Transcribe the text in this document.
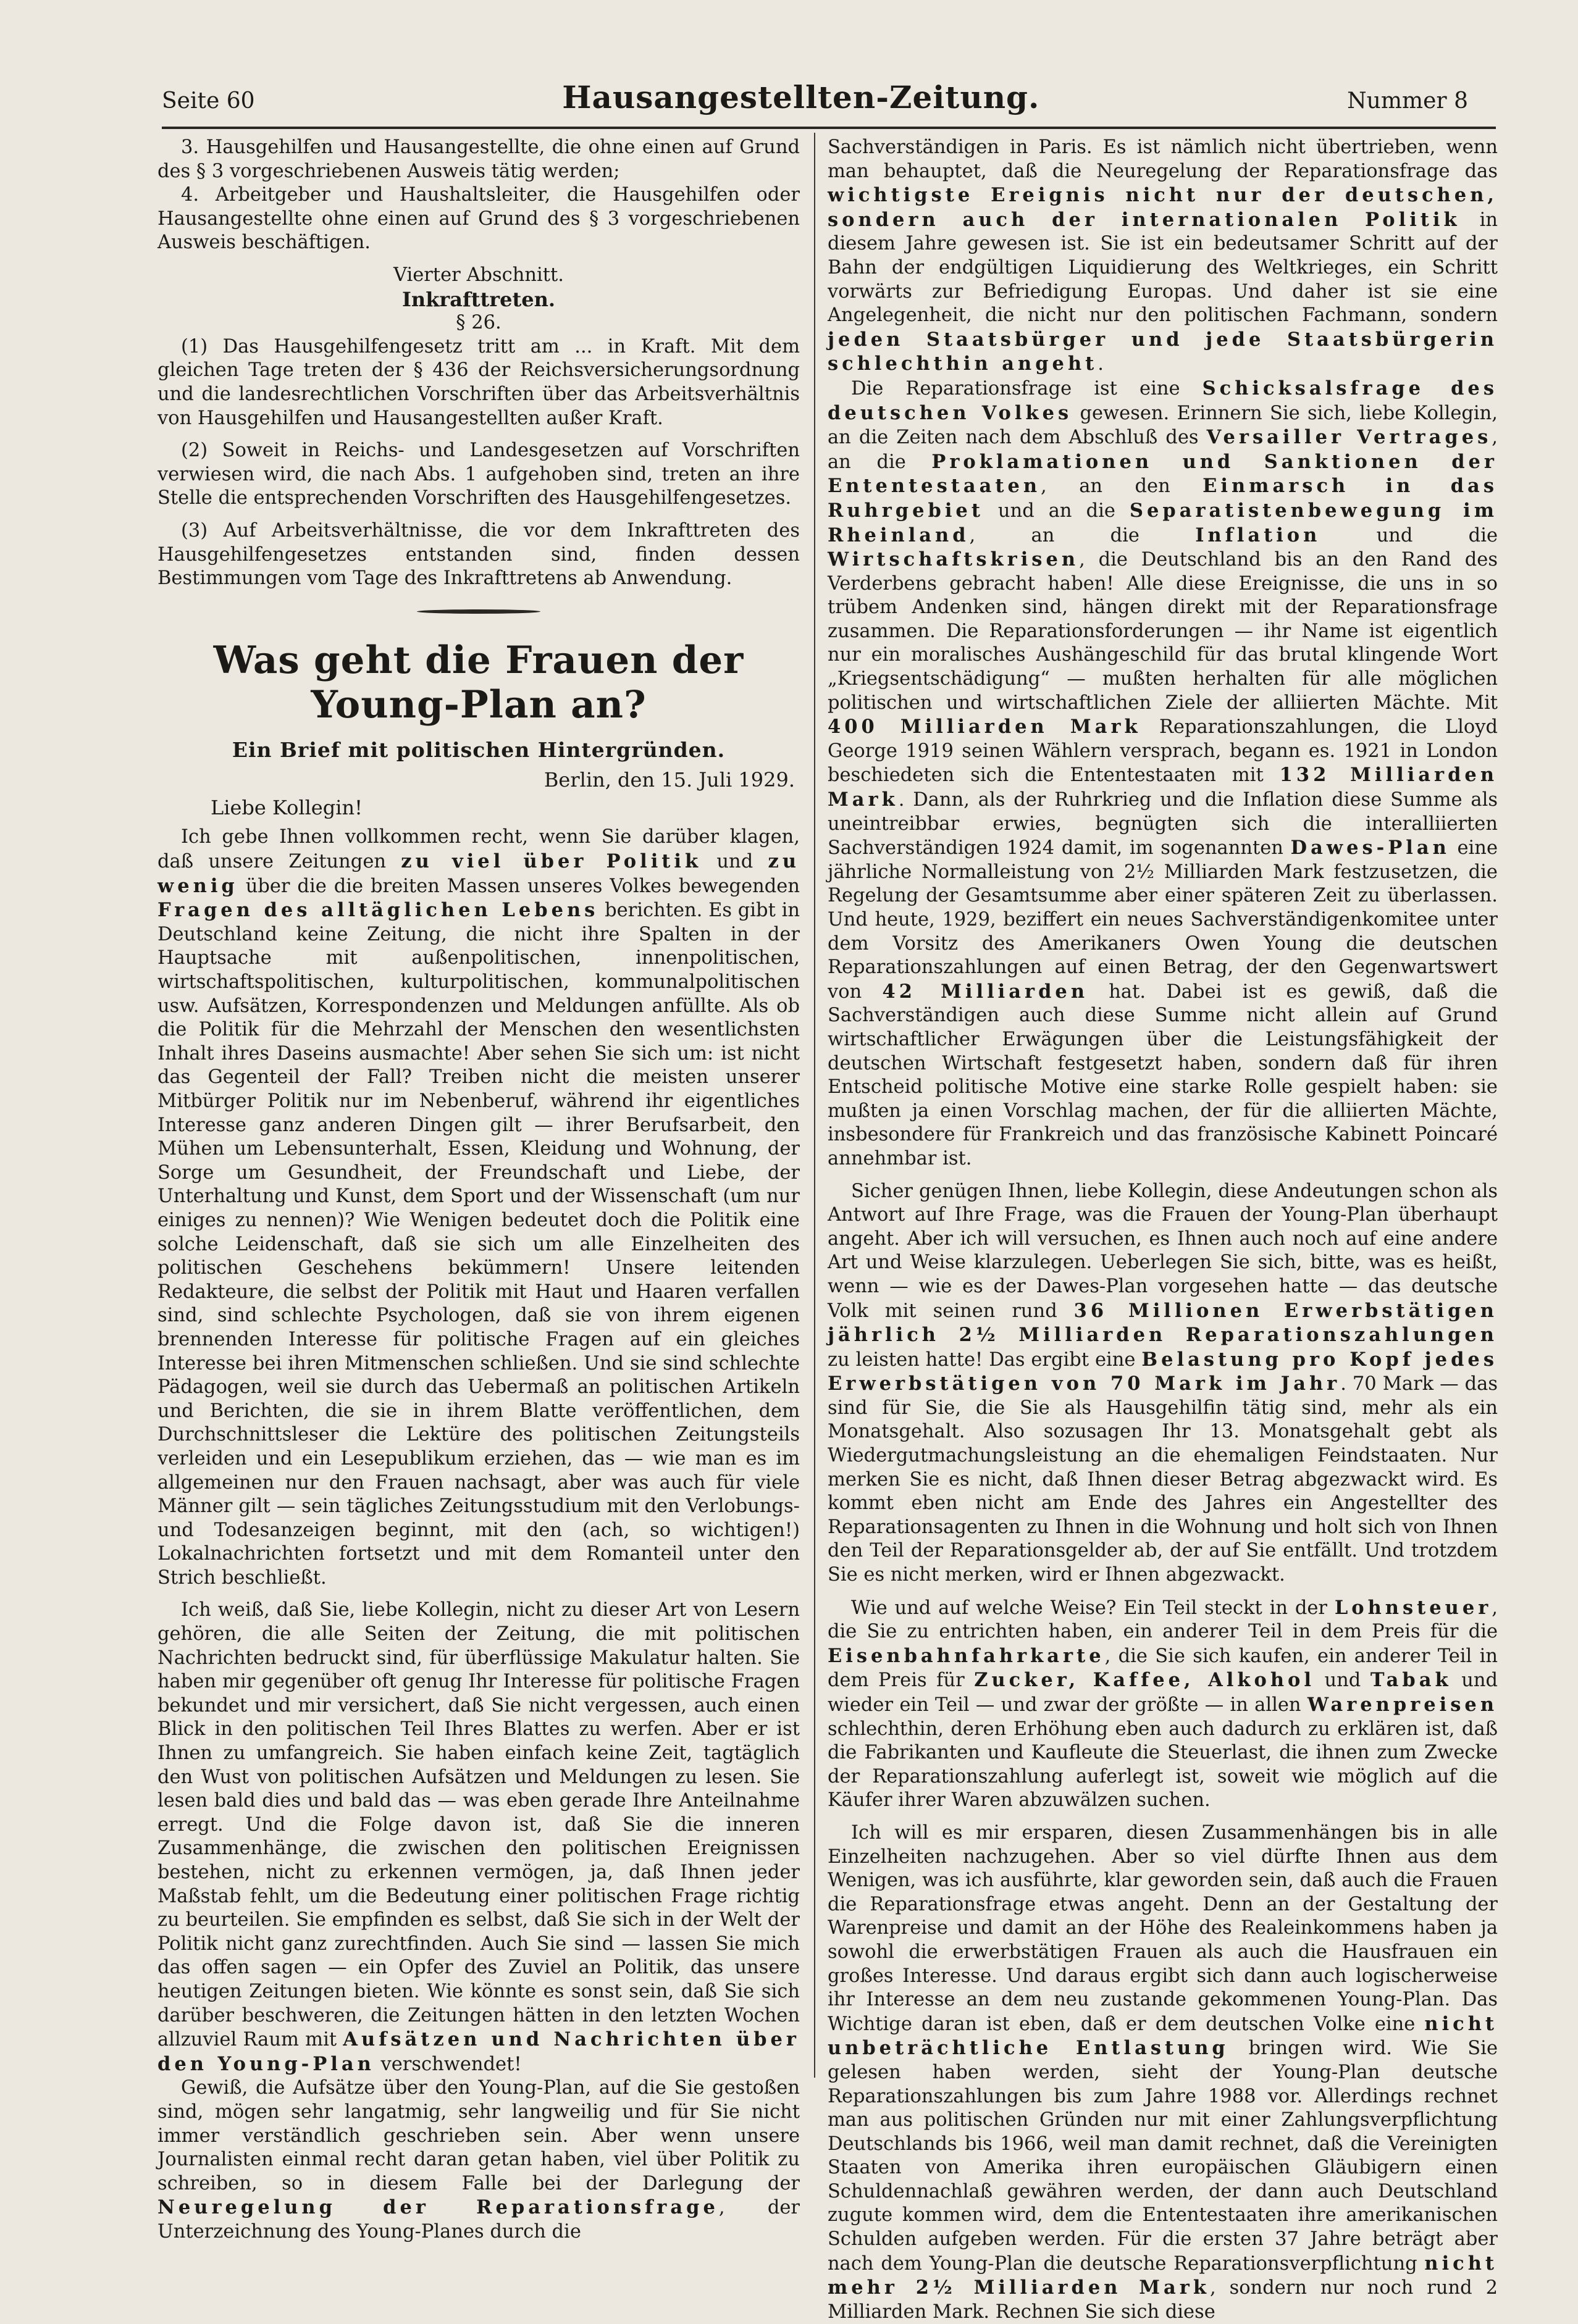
Seite 60	Hausangestellten-Zeitung.	Nummer 8

3. Hausgehilfen und Hausangestellte, die ohne einen auf Grund des § 3 vorgeschriebenen Ausweis tätig werden;

4. Arbeitgeber und Haushaltsleiter, die Hausgehilfen oder Hausangestellte ohne einen auf Grund des § 3 vorgeschriebenen Ausweis beschäftigen.

Vierter Abschnitt.

Inkrafttreten.

§ 26.

(1) Das Hausgehilfengesetz tritt am ... in Kraft. Mit dem gleichen Tage treten der § 436 der Reichsversicherungsordnung und die landesrechtlichen Vorschriften über das Arbeitsverhältnis von Hausgehilfen und Hausangestellten außer Kraft.

(2) Soweit in Reichs- und Landesgesetzen auf Vorschriften verwiesen wird, die nach Abs. 1 aufgehoben sind, treten an ihre Stelle die entsprechenden Vorschriften des Hausgehilfengesetzes.

(3) Auf Arbeitsverhältnisse, die vor dem Inkrafttreten des Hausgehilfengesetzes entstanden sind, finden dessen Bestimmungen vom Tage des Inkrafttretens ab Anwendung.

Was geht die Frauen der Young-Plan an?
Ein Brief mit politischen Hintergründen.
Berlin, den 15. Juli 1929.
Liebe Kollegin!

Ich gebe Ihnen vollkommen recht, wenn Sie darüber klagen, daß unsere Zeitungen zu viel über Politik und zu wenig über die die breiten Massen unseres Volkes bewegenden Fragen des alltäglichen Lebens berichten. Es gibt in Deutschland keine Zeitung, die nicht ihre Spalten in der Hauptsache mit außenpolitischen, innenpolitischen, wirtschaftspolitischen, kulturpolitischen, kommunalpolitischen usw. Aufsätzen, Korrespondenzen und Meldungen anfüllte. Als ob die Politik für die Mehrzahl der Menschen den wesentlichsten Inhalt ihres Daseins ausmachte! Aber sehen Sie sich um: ist nicht das Gegenteil der Fall? Treiben nicht die meisten unserer Mitbürger Politik nur im Nebenberuf, während ihr eigentliches Interesse ganz anderen Dingen gilt — ihrer Berufsarbeit, den Mühen um Lebensunterhalt, Essen, Kleidung und Wohnung, der Sorge um Gesundheit, der Freundschaft und Liebe, der Unterhaltung und Kunst, dem Sport und der Wissenschaft (um nur einiges zu nennen)? Wie Wenigen bedeutet doch die Politik eine solche Leidenschaft, daß sie sich um alle Einzelheiten des politischen Geschehens bekümmern! Unsere leitenden Redakteure, die selbst der Politik mit Haut und Haaren verfallen sind, sind schlechte Psychologen, daß sie von ihrem eigenen brennenden Interesse für politische Fragen auf ein gleiches Interesse bei ihren Mitmenschen schließen. Und sie sind schlechte Pädagogen, weil sie durch das Uebermaß an politischen Artikeln und Berichten, die sie in ihrem Blatte veröffentlichen, dem Durchschnittsleser die Lektüre des politischen Zeitungsteils verleiden und ein Lesepublikum erziehen, das — wie man es im allgemeinen nur den Frauen nachsagt, aber was auch für viele Männer gilt — sein tägliches Zeitungsstudium mit den Verlobungs- und Todesanzeigen beginnt, mit den (ach, so wichtigen!) Lokalnachrichten fortsetzt und mit dem Romanteil unter den Strich beschließt.

Ich weiß, daß Sie, liebe Kollegin, nicht zu dieser Art von Lesern gehören, die alle Seiten der Zeitung, die mit politischen Nachrichten bedruckt sind, für überflüssige Makulatur halten. Sie haben mir gegenüber oft genug Ihr Interesse für politische Fragen bekundet und mir versichert, daß Sie nicht vergessen, auch einen Blick in den politischen Teil Ihres Blattes zu werfen. Aber er ist Ihnen zu umfangreich. Sie haben einfach keine Zeit, tagtäglich den Wust von politischen Aufsätzen und Meldungen zu lesen. Sie lesen bald dies und bald das — was eben gerade Ihre Anteilnahme erregt. Und die Folge davon ist, daß Sie die inneren Zusammenhänge, die zwischen den politischen Ereignissen bestehen, nicht zu erkennen vermögen, ja, daß Ihnen jeder Maßstab fehlt, um die Bedeutung einer politischen Frage richtig zu beurteilen. Sie empfinden es selbst, daß Sie sich in der Welt der Politik nicht ganz zurechtfinden. Auch Sie sind — lassen Sie mich das offen sagen — ein Opfer des Zuviel an Politik, das unsere heutigen Zeitungen bieten. Wie könnte es sonst sein, daß Sie sich darüber beschweren, die Zeitungen hätten in den letzten Wochen allzuviel Raum mit Aufsätzen und Nachrichten über den Young-Plan verschwendet!

Gewiß, die Aufsätze über den Young-Plan, auf die Sie gestoßen sind, mögen sehr langatmig, sehr langweilig und für Sie nicht immer verständlich geschrieben sein. Aber wenn unsere Journalisten einmal recht daran getan haben, viel über Politik zu schreiben, so in diesem Falle bei der Darlegung der Neuregelung der Reparationsfrage, der Unterzeichnung des Young-Planes durch die

Sachverständigen in Paris. Es ist nämlich nicht übertrieben, wenn man behauptet, daß die Neuregelung der Reparationsfrage das wichtigste Ereignis nicht nur der deutschen, sondern auch der internationalen Politik in diesem Jahre gewesen ist. Sie ist ein bedeutsamer Schritt auf der Bahn der endgültigen Liquidierung des Weltkrieges, ein Schritt vorwärts zur Befriedigung Europas. Und daher ist sie eine Angelegenheit, die nicht nur den politischen Fachmann, sondern jeden Staatsbürger und jede Staatsbürgerin schlechthin angeht.

Die Reparationsfrage ist eine Schicksalsfrage des deutschen Volkes gewesen. Erinnern Sie sich, liebe Kollegin, an die Zeiten nach dem Abschluß des Versailler Vertrages, an die Proklamationen und Sanktionen der Ententestaaten, an den Einmarsch in das Ruhrgebiet und an die Separatistenbewegung im Rheinland, an die Inflation und die Wirtschaftskrisen, die Deutschland bis an den Rand des Verderbens gebracht haben! Alle diese Ereignisse, die uns in so trübem Andenken sind, hängen direkt mit der Reparationsfrage zusammen. Die Reparationsforderungen — ihr Name ist eigentlich nur ein moralisches Aushängeschild für das brutal klingende Wort „Kriegsentschädigung“ — mußten herhalten für alle möglichen politischen und wirtschaftlichen Ziele der alliierten Mächte. Mit 400 Milliarden Mark Reparationszahlungen, die Lloyd George 1919 seinen Wählern versprach, begann es. 1921 in London beschiedeten sich die Ententestaaten mit 132 Milliarden Mark. Dann, als der Ruhrkrieg und die Inflation diese Summe als uneintreibbar erwies, begnügten sich die interalliierten Sachverständigen 1924 damit, im sogenannten Dawes-Plan eine jährliche Normalleistung von 2½ Milliarden Mark festzusetzen, die Regelung der Gesamtsumme aber einer späteren Zeit zu überlassen. Und heute, 1929, beziffert ein neues Sachverständigenkomitee unter dem Vorsitz des Amerikaners Owen Young die deutschen Reparationszahlungen auf einen Betrag, der den Gegenwartswert von 42 Milliarden hat. Dabei ist es gewiß, daß die Sachverständigen auch diese Summe nicht allein auf Grund wirtschaftlicher Erwägungen über die Leistungsfähigkeit der deutschen Wirtschaft festgesetzt haben, sondern daß für ihren Entscheid politische Motive eine starke Rolle gespielt haben: sie mußten ja einen Vorschlag machen, der für die alliierten Mächte, insbesondere für Frankreich und das französische Kabinett Poincaré annehmbar ist.

Sicher genügen Ihnen, liebe Kollegin, diese Andeutungen schon als Antwort auf Ihre Frage, was die Frauen der Young-Plan überhaupt angeht. Aber ich will versuchen, es Ihnen auch noch auf eine andere Art und Weise klarzulegen. Ueberlegen Sie sich, bitte, was es heißt, wenn — wie es der Dawes-Plan vorgesehen hatte — das deutsche Volk mit seinen rund 36 Millionen Erwerbstätigen jährlich 2½ Milliarden Reparationszahlungen zu leisten hatte! Das ergibt eine Belastung pro Kopf jedes Erwerbstätigen von 70 Mark im Jahr. 70 Mark — das sind für Sie, die Sie als Hausgehilfin tätig sind, mehr als ein Monatsgehalt. Also sozusagen Ihr 13. Monatsgehalt gebt als Wiedergutmachungsleistung an die ehemaligen Feindstaaten. Nur merken Sie es nicht, daß Ihnen dieser Betrag abgezwackt wird. Es kommt eben nicht am Ende des Jahres ein Angestellter des Reparationsagenten zu Ihnen in die Wohnung und holt sich von Ihnen den Teil der Reparationsgelder ab, der auf Sie entfällt. Und trotzdem Sie es nicht merken, wird er Ihnen abgezwackt.

Wie und auf welche Weise? Ein Teil steckt in der Lohnsteuer, die Sie zu entrichten haben, ein anderer Teil in dem Preis für die Eisenbahnfahrkarte, die Sie sich kaufen, ein anderer Teil in dem Preis für Zucker, Kaffee, Alkohol und Tabak und wieder ein Teil — und zwar der größte — in allen Warenpreisen schlechthin, deren Erhöhung eben auch dadurch zu erklären ist, daß die Fabrikanten und Kaufleute die Steuerlast, die ihnen zum Zwecke der Reparationszahlung auferlegt ist, soweit wie möglich auf die Käufer ihrer Waren abzuwälzen suchen.

Ich will es mir ersparen, diesen Zusammenhängen bis in alle Einzelheiten nachzugehen. Aber so viel dürfte Ihnen aus dem Wenigen, was ich ausführte, klar geworden sein, daß auch die Frauen die Reparationsfrage etwas angeht. Denn an der Gestaltung der Warenpreise und damit an der Höhe des Realeinkommens haben ja sowohl die erwerbstätigen Frauen als auch die Hausfrauen ein großes Interesse. Und daraus ergibt sich dann auch logischerweise ihr Interesse an dem neu zustande gekommenen Young-Plan. Das Wichtige daran ist eben, daß er dem deutschen Volke eine nicht unbeträchtliche Entlastung bringen wird. Wie Sie gelesen haben werden, sieht der Young-Plan deutsche Reparationszahlungen bis zum Jahre 1988 vor. Allerdings rechnet man aus politischen Gründen nur mit einer Zahlungsverpflichtung Deutschlands bis 1966, weil man damit rechnet, daß die Vereinigten Staaten von Amerika ihren europäischen Gläubigern einen Schuldennachlaß gewähren werden, der dann auch Deutschland zugute kommen wird, dem die Ententestaaten ihre amerikanischen Schulden aufgeben werden. Für die ersten 37 Jahre beträgt aber nach dem Young-Plan die deutsche Reparationsverpflichtung nicht mehr 2½ Milliarden Mark, sondern nur noch rund 2 Milliarden Mark. Rechnen Sie sich diese
